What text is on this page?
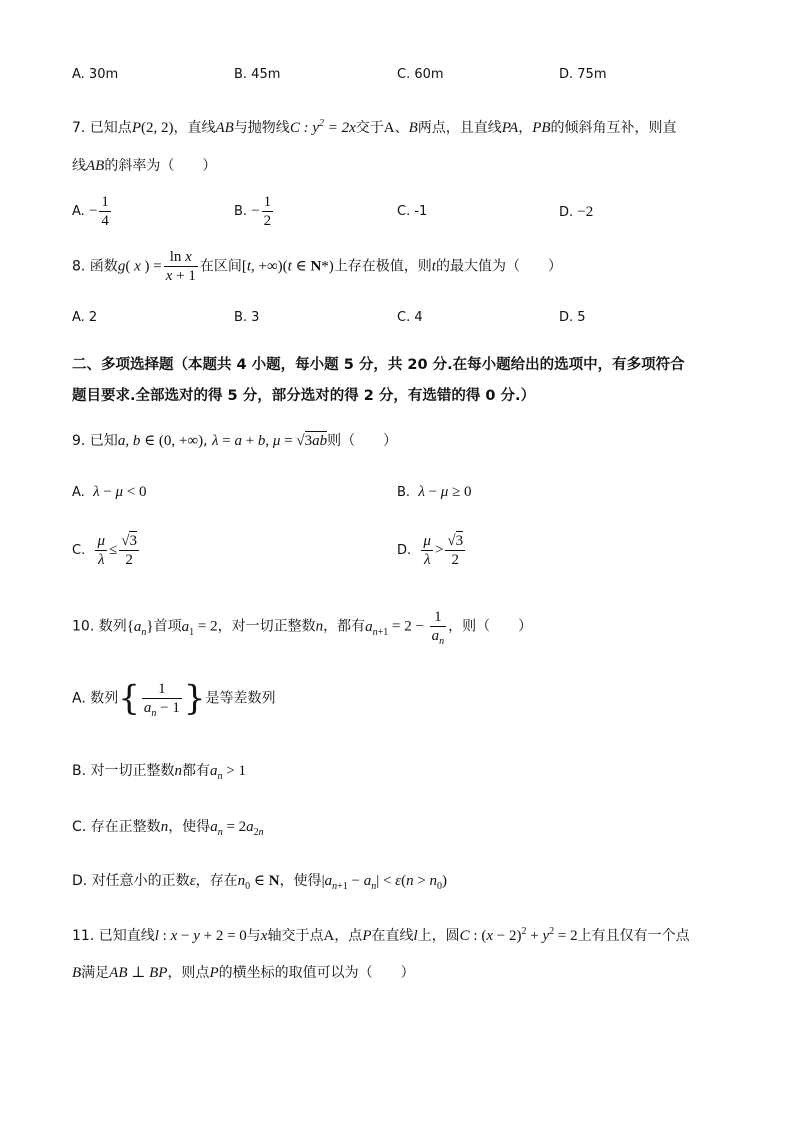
A. 30m	B. 45m	C. 60m	D. 75m
7. 已知点P(2, 2)，直线AB与抛物线C : $y^2 = 2x$交于A、B两点，且直线PA，PB的倾斜角互补，则直
线AB的斜率为（　　）
A. − $\frac{1}{4}$	B. − $\frac{1}{2}$	C. -1	D. −2
8. 函数g( x ) = $\frac{\text{ln x}}{x + 1}$ 在区间[t, +∞)(t ∈ N*)上存在极值，则t的最大值为（　　）
A. 2	B. 3	C. 4	D. 5
二、多项选择题（本题共 4 小题，每小题 5 分，共 20 分.在每小题给出的选项中，有多项符合
题目要求.全部选对的得 5 分，部分选对的得 2 分，有选错的得 0 分.）
9. 已知a, b ∈ (0, +∞), λ = a + b, μ = √3ab则（　　）
A. λ − μ < 0	B. λ − μ ≥ 0
C. $\frac{\mu}{\lambda} \le \frac{√3}{2}$	D. $\frac{\mu}{\lambda} > \frac{√3}{2}$
10. 数列$\{a_n\}$首项$a_1 = 2$，对一切正整数n，都有$a_{n+1} = 2 - \frac{1}{a_n}$ ，则（　　）
A. 数列{ $\frac{1}{a_n - 1}$ }是等差数列
B. 对一切正整数n都有$a_n > 1$
C. 存在正整数n，使得$a_n = 2a_{2n}$
D. 对任意小的正数ε，存在$n_0$ ∈ N，使得$|a_{n+1} - a_n| < \varepsilon(n > n_0)$
11. 已知直线l : x − y + 2 = 0与x轴交于点A，点P在直线l上，圆C : $(x - 2)^2 + y^2 = 2$上有且仅有一个点
B满足AB ⊥ BP，则点P的横坐标的取值可以为（　　）
